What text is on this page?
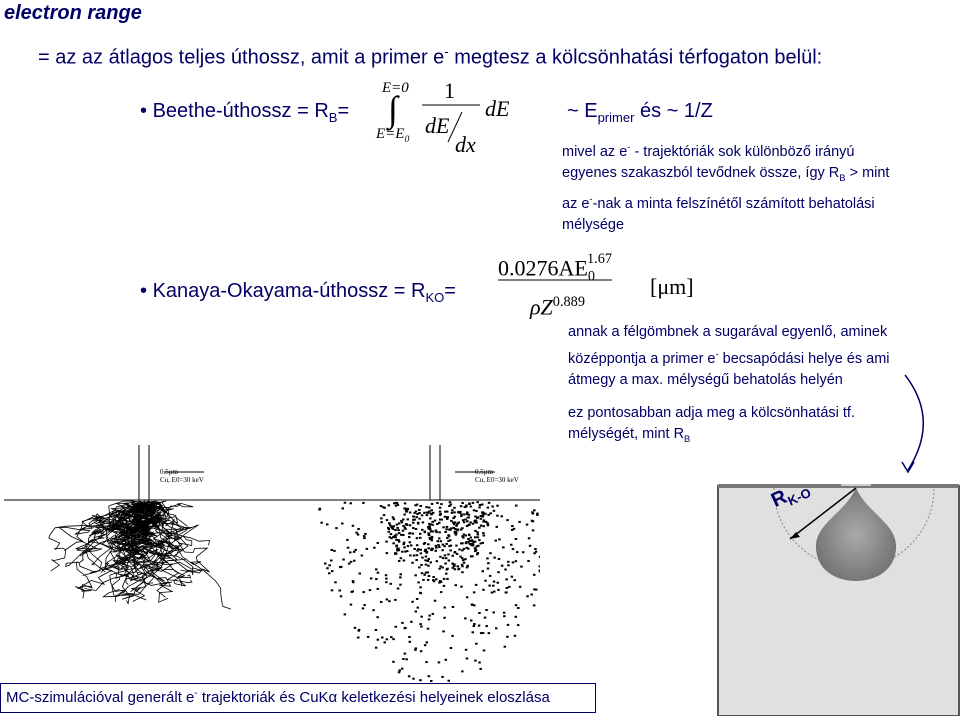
electron range
= az az átlagos teljes úthossz, amit a primer e- megtesz a kölcsönhatási térfogaton belül:
• Beethe-úthossz = $R_B=$
E=0
∫
$E=E_0$
1
dE
dx
dE	~ $E_{primer}$ és ~ 1/Z
mivel az e- - trajektóriák sok különböző irányú
egyenes szakaszból tevődnek össze, így $R_B > \min t$
az e--nak a minta felszínétől számított behatolási
mélysége
• Kanaya-Okayama-úthossz = $R_{KO}=$
$0.0276AE_0^{1.67}$
$\rho Z^{0.889}$
[μm]
annak a félgömbnek a sugarával egyenlő, aminek
középpontja a primer e- becsapódási helye és ami
átmegy a max. mélységű behatolás helyén
ez pontosabban adja meg a kölcsönhatási tf.
mélységét, mint $R_B$
0.5μm
Cu, E0=30 keV
0.5μm
Cu, E0=30 keV
$R_{K-O}$
MC-szimulációval generált e- trajektoriák és CuKα keletkezési helyeinek eloszlása
